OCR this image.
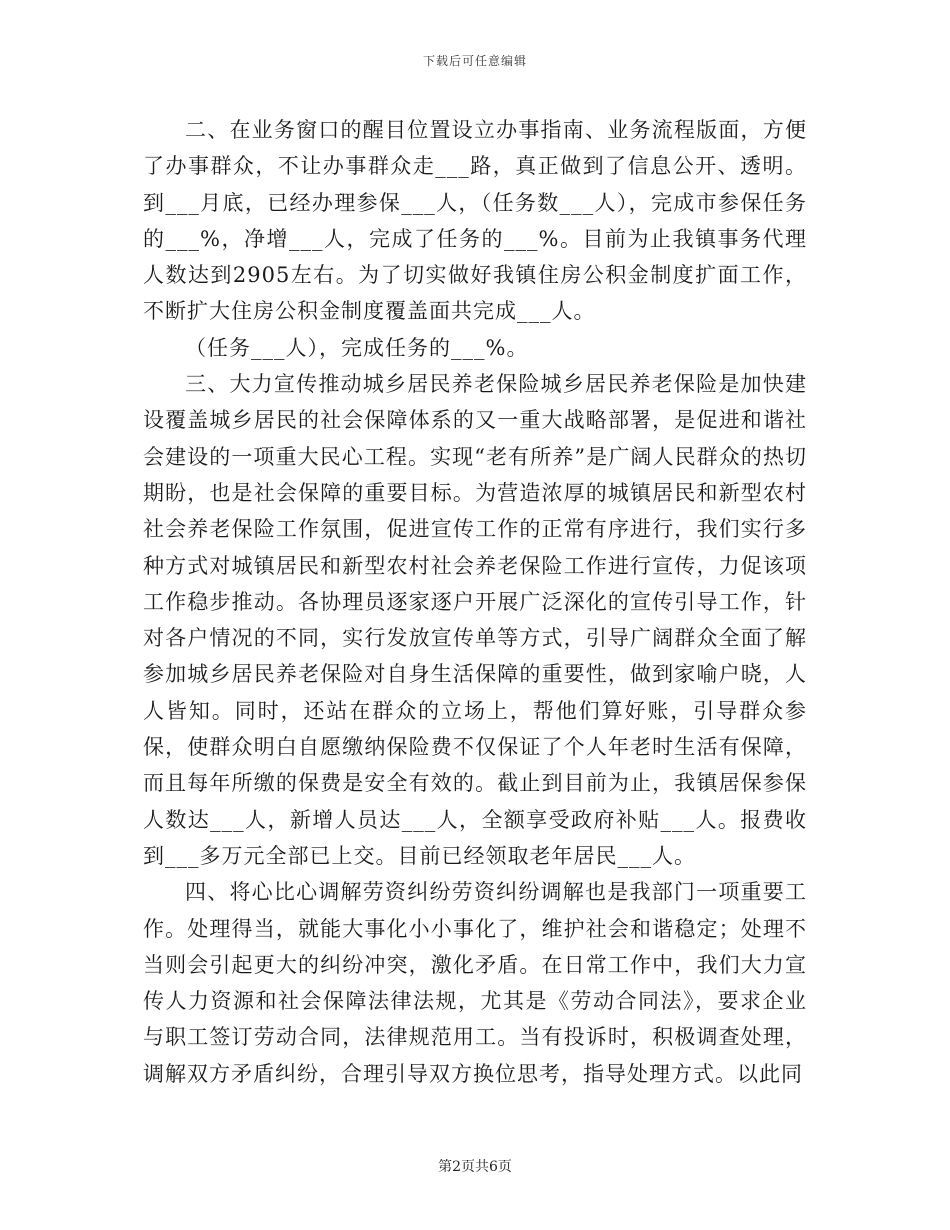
下载后可任意编辑

二、在业务窗口的醒目位置设立办事指南、业务流程版面，方便了办事群众，不让办事群众走___路，真正做到了信息公开、透明。到___月底，已经办理参保___人，（任务数___人），完成市参保任务的___%，净增___人，完成了任务的___%。目前为止我镇事务代理人数达到2905左右。为了切实做好我镇住房公积金制度扩面工作，不断扩大住房公积金制度覆盖面共完成___人。

（任务___人），完成任务的___%。

三、大力宣传推动城乡居民养老保险城乡居民养老保险是加快建设覆盖城乡居民的社会保障体系的又一重大战略部署，是促进和谐社会建设的一项重大民心工程。实现“老有所养”是广阔人民群众的热切期盼，也是社会保障的重要目标。为营造浓厚的城镇居民和新型农村社会养老保险工作氛围，促进宣传工作的正常有序进行，我们实行多种方式对城镇居民和新型农村社会养老保险工作进行宣传，力促该项工作稳步推动。各协理员逐家逐户开展广泛深化的宣传引导工作，针对各户情况的不同，实行发放宣传单等方式，引导广阔群众全面了解参加城乡居民养老保险对自身生活保障的重要性，做到家喻户晓，人人皆知。同时，还站在群众的立场上，帮他们算好账，引导群众参保，使群众明白自愿缴纳保险费不仅保证了个人年老时生活有保障，而且每年所缴的保费是安全有效的。截止到目前为止，我镇居保参保人数达___人，新增人员达___人，全额享受政府补贴___人。报费收到___多万元全部已上交。目前已经领取老年居民___人。

四、将心比心调解劳资纠纷劳资纠纷调解也是我部门一项重要工作。处理得当，就能大事化小小事化了，维护社会和谐稳定；处理不当则会引起更大的纠纷冲突，激化矛盾。在日常工作中，我们大力宣传人力资源和社会保障法律法规，尤其是《劳动合同法》，要求企业与职工签订劳动合同，法律规范用工。当有投诉时，积极调查处理，调解双方矛盾纠纷，合理引导双方换位思考，指导处理方式。以此同

第2页共6页
